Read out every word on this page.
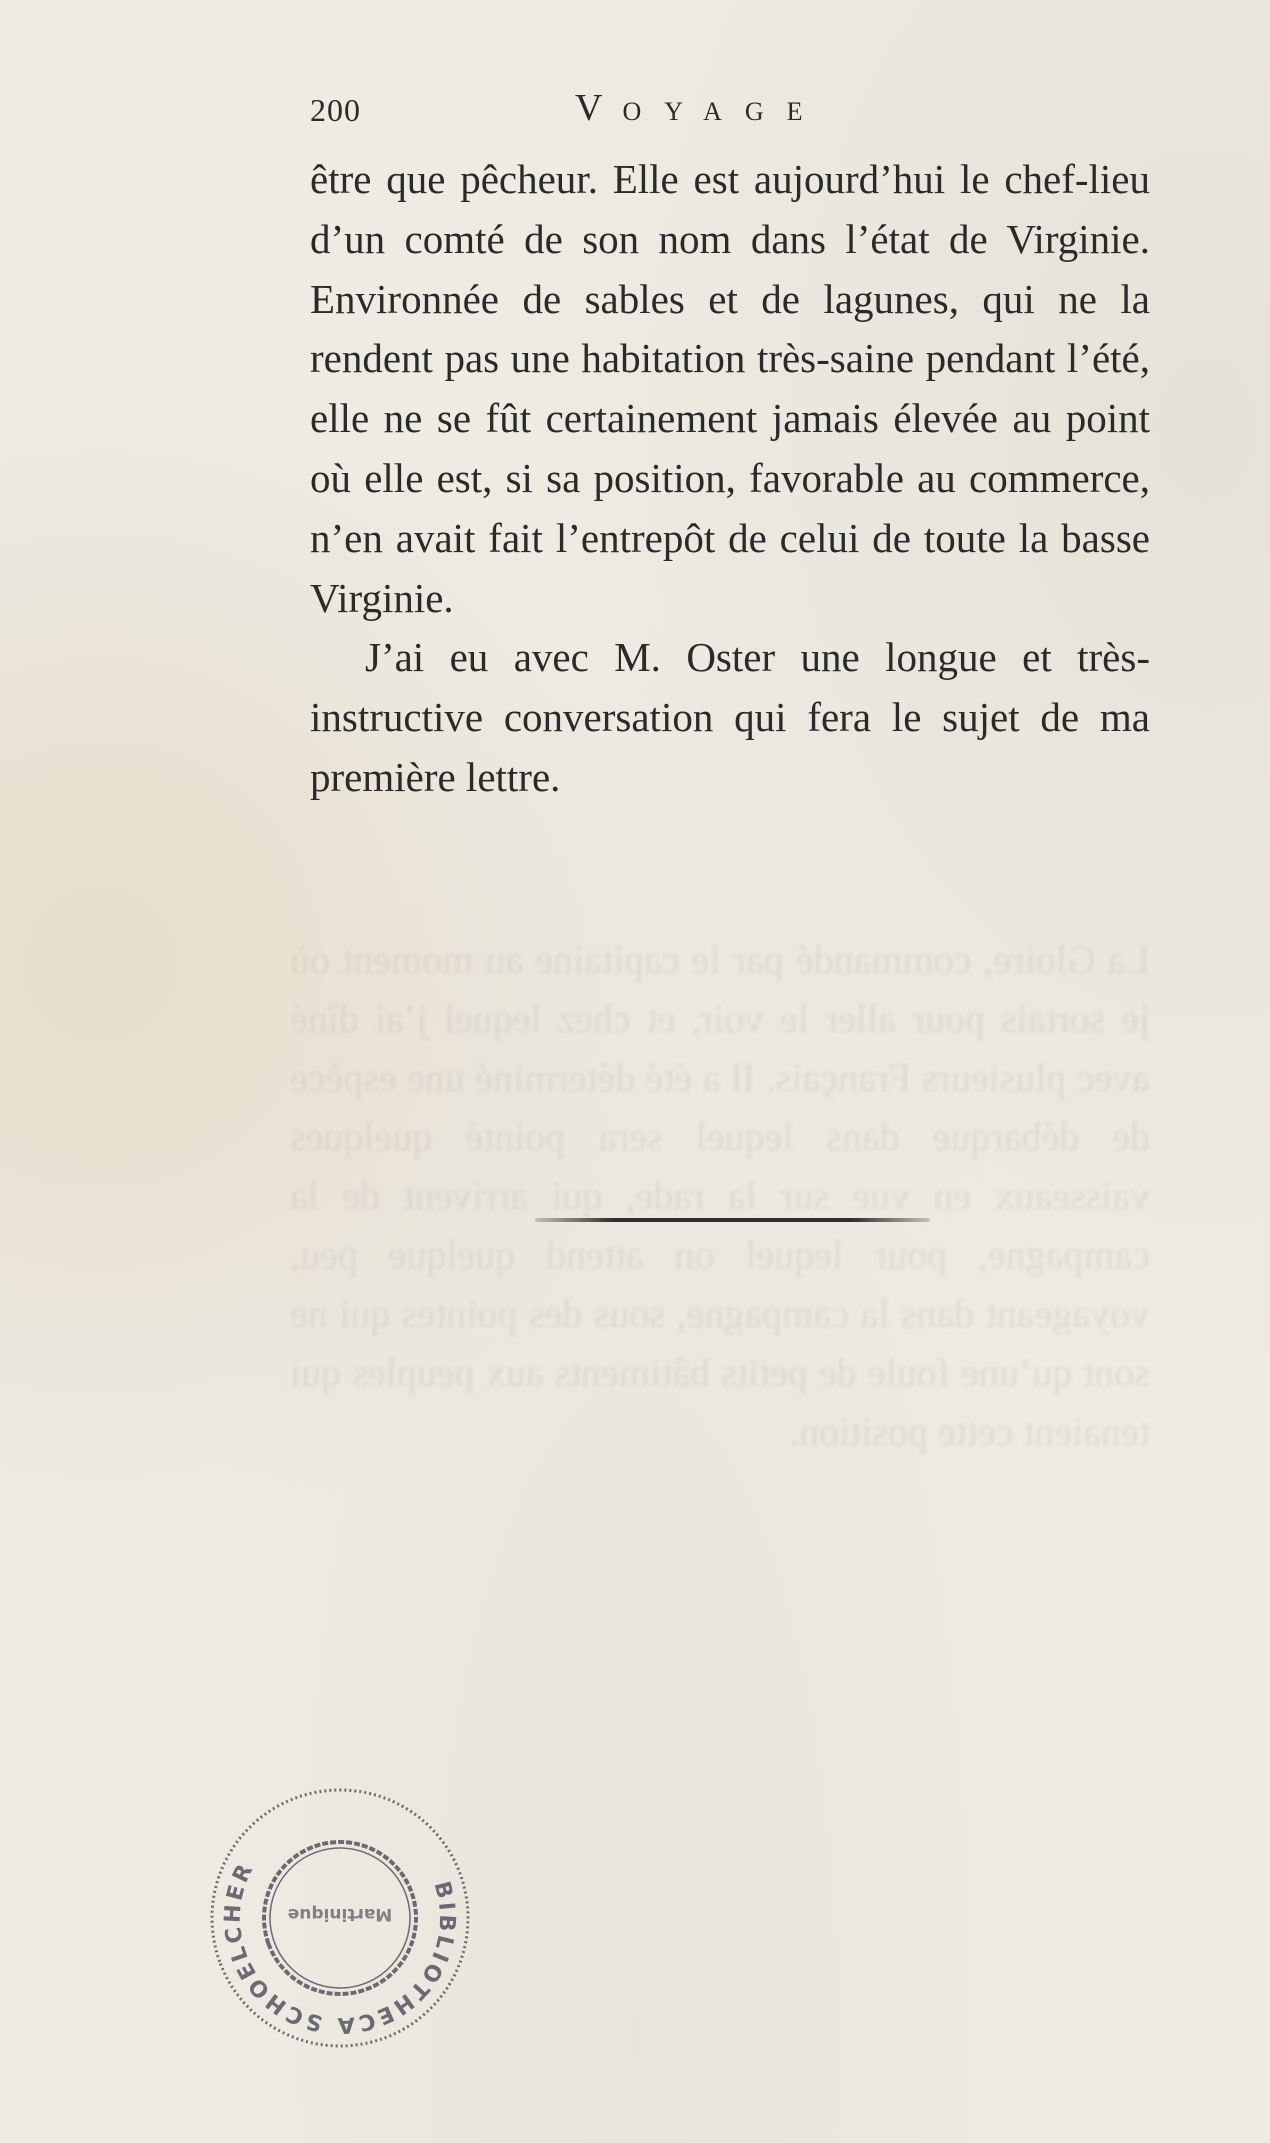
La Gloire, commandé par le capitaine au moment où je sortais pour aller le voir, et chez lequel j’ai dîné avec plusieurs Français. Il a été déterminé une espèce de débarque dans lequel sera pointé quelques vaisseaux en vue sur la rade, qui arrivent de la campagne, pour lequel on attend quelque peu, voyageant dans la campagne, sous des pointes qui ne sont qu’une foule de petits bâtiments aux peuples qui tenaient cette position.
200	VOYAGE

être que pêcheur. Elle est aujourd’hui le chef-lieu d’un comté de son nom dans l’état de Virginie. Environnée de sables et de lagunes, qui ne la rendent pas une habitation très-saine pendant l’été, elle ne se fût certainement jamais élevée au point où elle est, si sa position, favorable au commerce, n’en avait fait l’entrepôt de celui de toute la basse Virginie.

J’ai eu avec M. Oster une longue et très-instructive conversation qui fera le sujet de ma première lettre.

BIBLIOTHECA SCHOELCHER
Martinique
